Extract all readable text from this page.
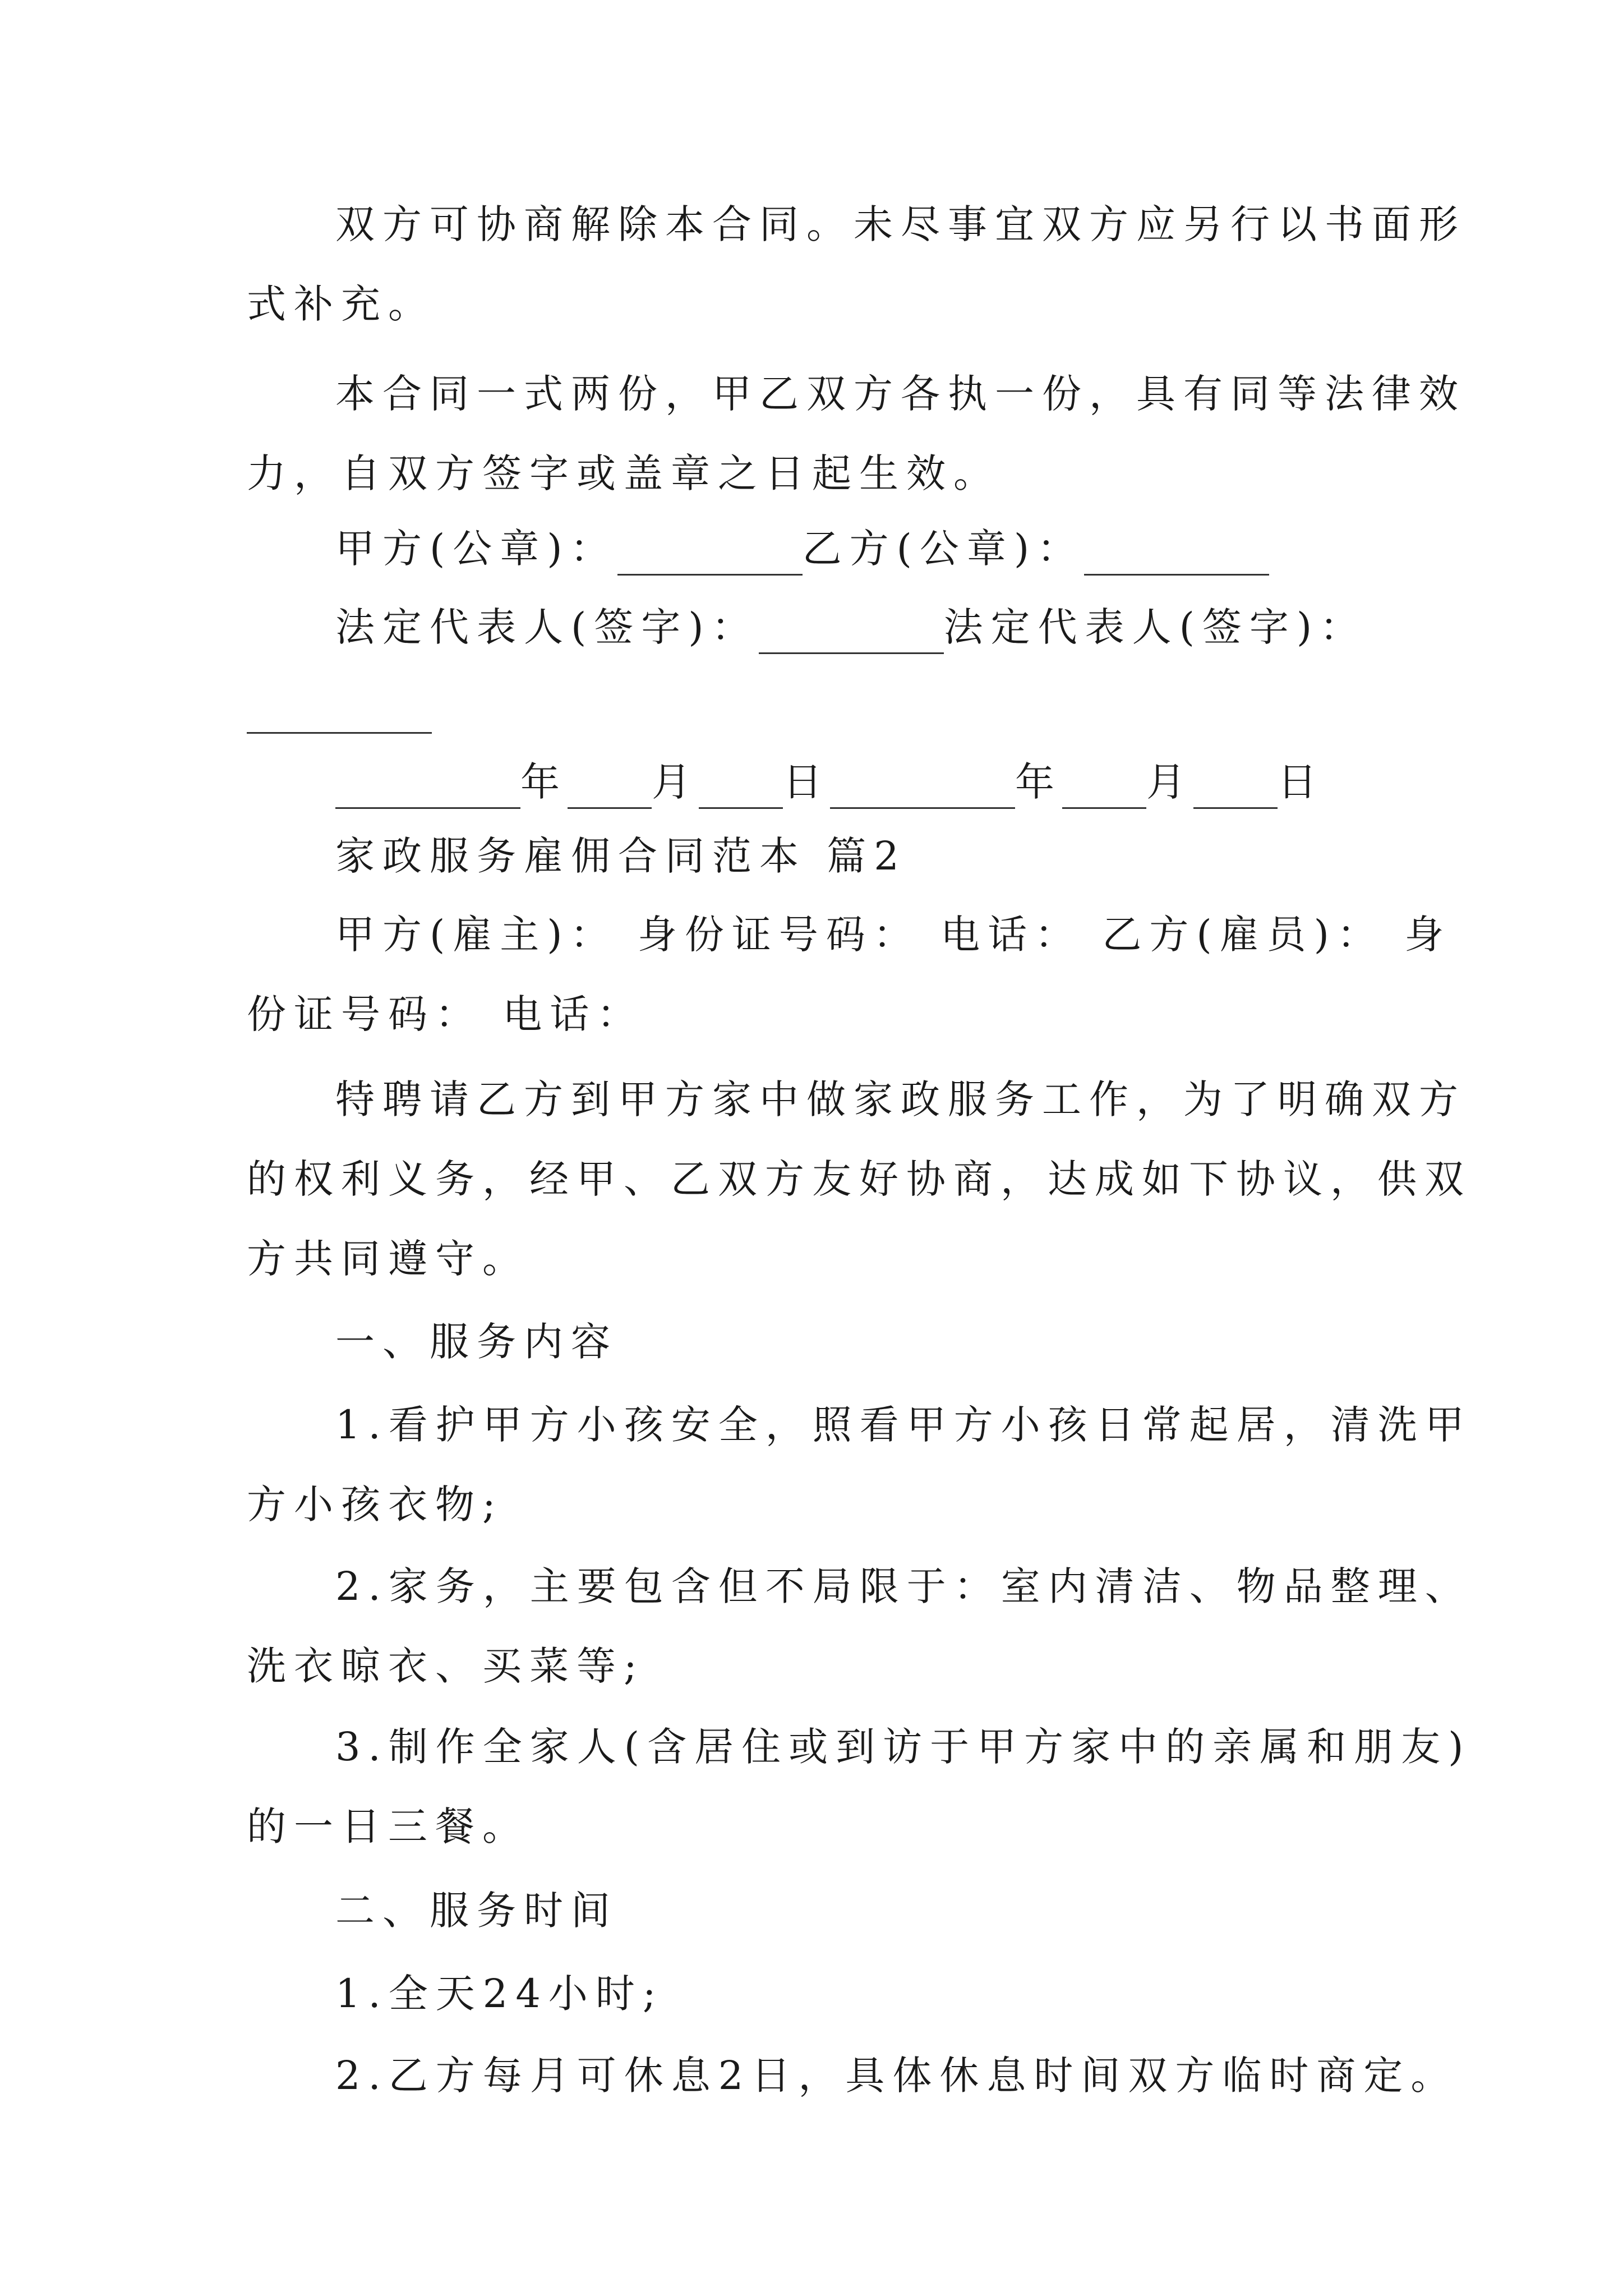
双方可协商解除本合同。未尽事宜双方应另行以书面形
式补充。
本合同一式两份，甲乙双方各执一份，具有同等法律效
力，自双方签字或盖章之日起生效。
甲方(公章)：	乙方(公章)：
法定代表人(签字)：	法定代表人(签字)：
年 月 日	年 月 日
家政服务雇佣合同范本 篇2
甲方(雇主)： 身份证号码： 电话： 乙方(雇员)： 身
份证号码： 电话：
特聘请乙方到甲方家中做家政服务工作，为了明确双方
的权利义务，经甲、乙双方友好协商，达成如下协议，供双
方共同遵守。
一、服务内容
1.看护甲方小孩安全，照看甲方小孩日常起居，清洗甲
方小孩衣物;
2.家务，主要包含但不局限于：室内清洁、物品整理、
洗衣晾衣、买菜等;
3.制作全家人(含居住或到访于甲方家中的亲属和朋友)
的一日三餐。
二、服务时间
1.全天24小时;
2.乙方每月可休息2日，具体休息时间双方临时商定。
